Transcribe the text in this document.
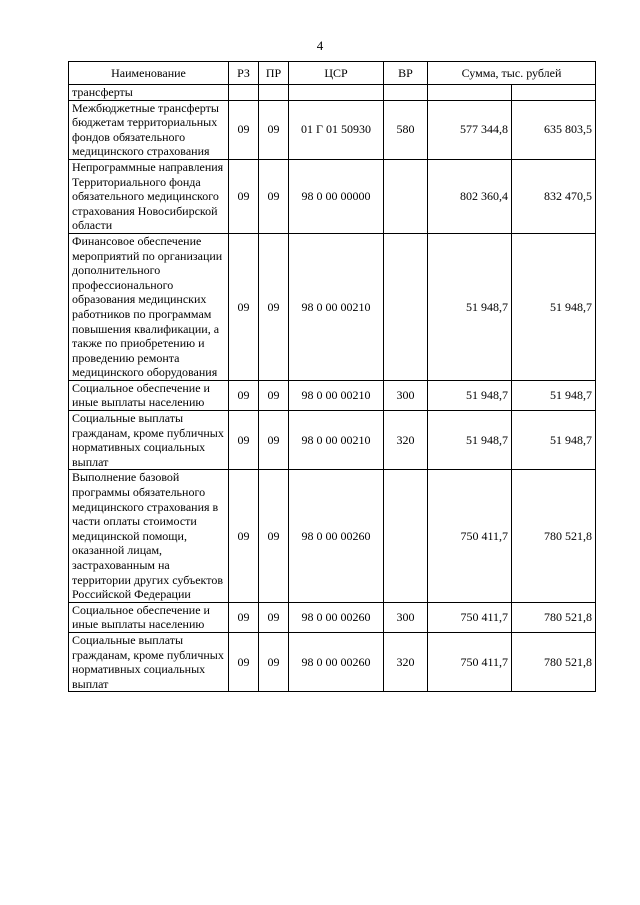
4
Наименование	РЗ	ПР	ЦСР	ВР	Сумма, тыс. рублей	
трансферты						
Межбюджетные трансферты бюджетам территориальных фондов обязательного медицинского страхования	09	09	01 Г 01 50930	580	577 344,8	635 803,5
Непрограммные направления Территориального фонда обязательного медицинского страхования Новосибирской области	09	09	98 0 00 00000		802 360,4	832 470,5
Финансовое обеспечение мероприятий по организации дополнительного профессионального образования медицинских работников по программам повышения квалификации, а также по приобретению и проведению ремонта медицинского оборудования	09	09	98 0 00 00210		51 948,7	51 948,7
Социальное обеспечение и иные выплаты населению	09	09	98 0 00 00210	300	51 948,7	51 948,7
Социальные выплаты гражданам, кроме публичных нормативных социальных выплат	09	09	98 0 00 00210	320	51 948,7	51 948,7
Выполнение базовой программы обязательного медицинского страхования в части оплаты стоимости медицинской помощи, оказанной лицам, застрахованным на территории других субъектов Российской Федерации	09	09	98 0 00 00260		750 411,7	780 521,8
Социальное обеспечение и иные выплаты населению	09	09	98 0 00 00260	300	750 411,7	780 521,8
Социальные выплаты гражданам, кроме публичных нормативных социальных выплат	09	09	98 0 00 00260	320	750 411,7	780 521,8
